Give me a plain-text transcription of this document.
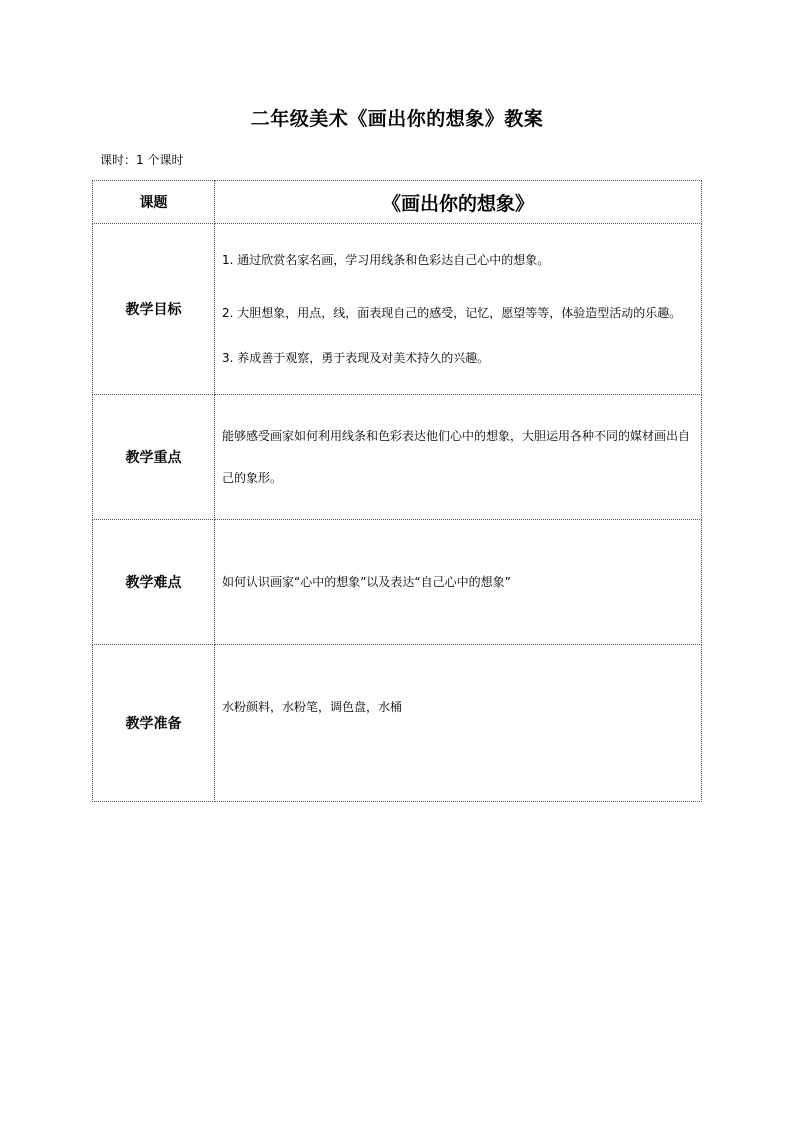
二年级美术《画出你的想象》教案
课时：1 个课时
课题	《画出你的想象》
教学目标	1. 通过欣赏名家名画，学习用线条和色彩达自己心中的想象。

2. 大胆想象，用点，线，面表现自己的感受，记忆，愿望等等，体验造型活动的乐趣。

3. 养成善于观察，勇于表现及对美术持久的兴趣。

教学重点	能够感受画家如何利用线条和色彩表达他们心中的想象，大胆运用各种不同的媒材画出自己的象形。

教学难点	如何认识画家“心中的想象”以及表达“自己心中的想象”

教学准备	水粉颜料，水粉笔，调色盘，水桶
